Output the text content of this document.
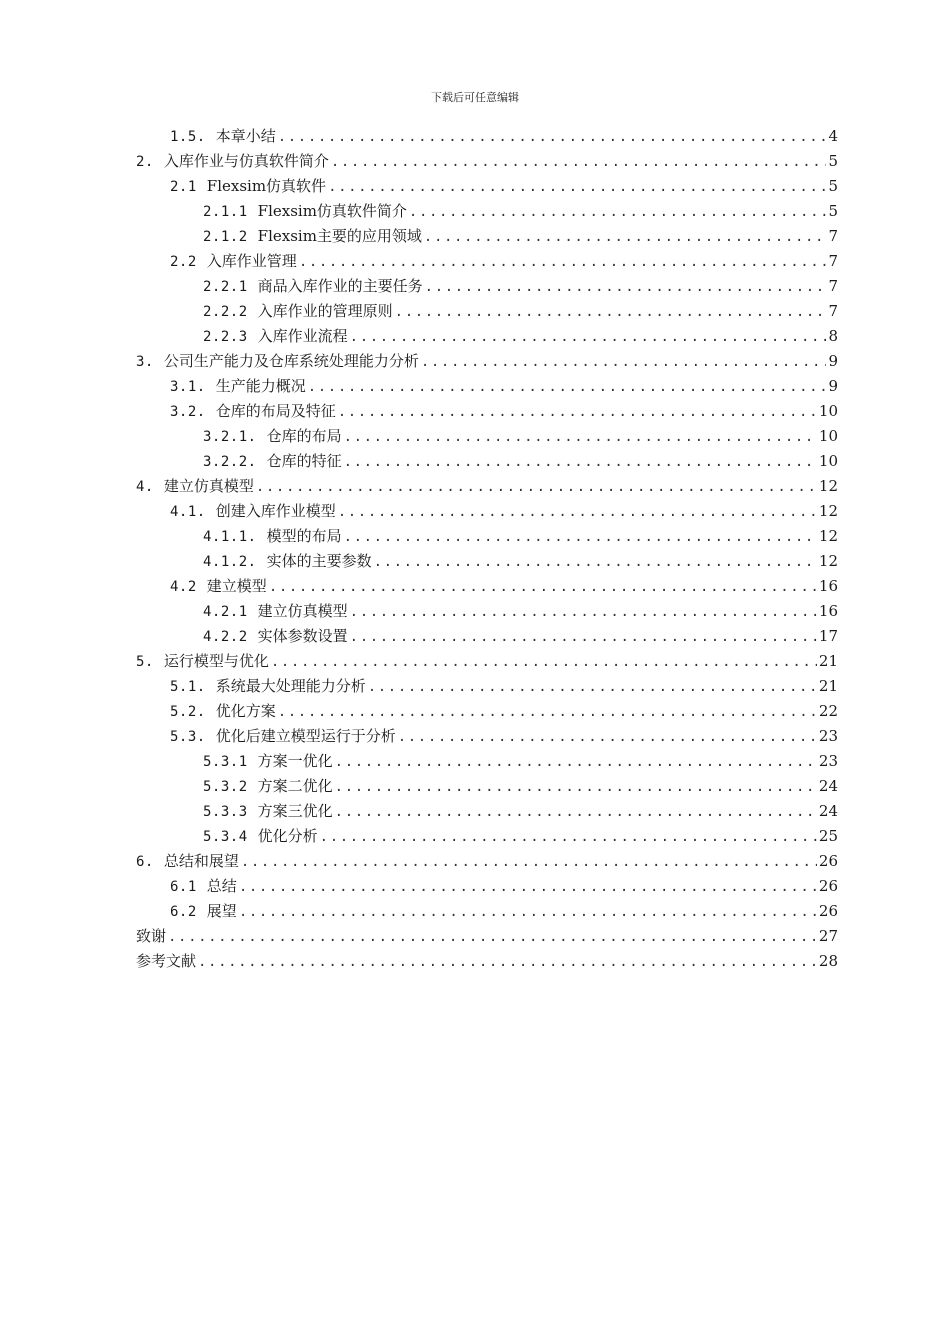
下载后可任意编辑
1.5. 本章小结 .....	4
2. 入库作业与仿真软件简介 .....	5
2.1 Flexsim仿真软件 .....	5
2.1.1 Flexsim仿真软件简介 .....	5
2.1.2 Flexsim主要的应用领域 .....	7
2.2 入库作业管理 .....	7
2.2.1 商品入库作业的主要任务 .....	7
2.2.2 入库作业的管理原则 .....	7
2.2.3 入库作业流程 .....	8
3. 公司生产能力及仓库系统处理能力分析 .....	9
3.1. 生产能力概况 .....	9
3.2. 仓库的布局及特征 .....	10
3.2.1. 仓库的布局 .....	10
3.2.2. 仓库的特征 .....	10
4. 建立仿真模型 .....	12
4.1. 创建入库作业模型 .....	12
4.1.1. 模型的布局 .....	12
4.1.2. 实体的主要参数 .....	12
4.2 建立模型 .....	16
4.2.1 建立仿真模型 .....	16
4.2.2 实体参数设置 .....	17
5. 运行模型与优化 .....	21
5.1. 系统最大处理能力分析 .....	21
5.2. 优化方案 .....	22
5.3. 优化后建立模型运行于分析 .....	23
5.3.1 方案一优化 .....	23
5.3.2 方案二优化 .....	24
5.3.3 方案三优化 .....	24
5.3.4 优化分析 .....	25
6. 总结和展望 .....	26
6.1 总结 .....	26
6.2 展望 .....	26
致谢 .....	27
参考文献 .....	28
